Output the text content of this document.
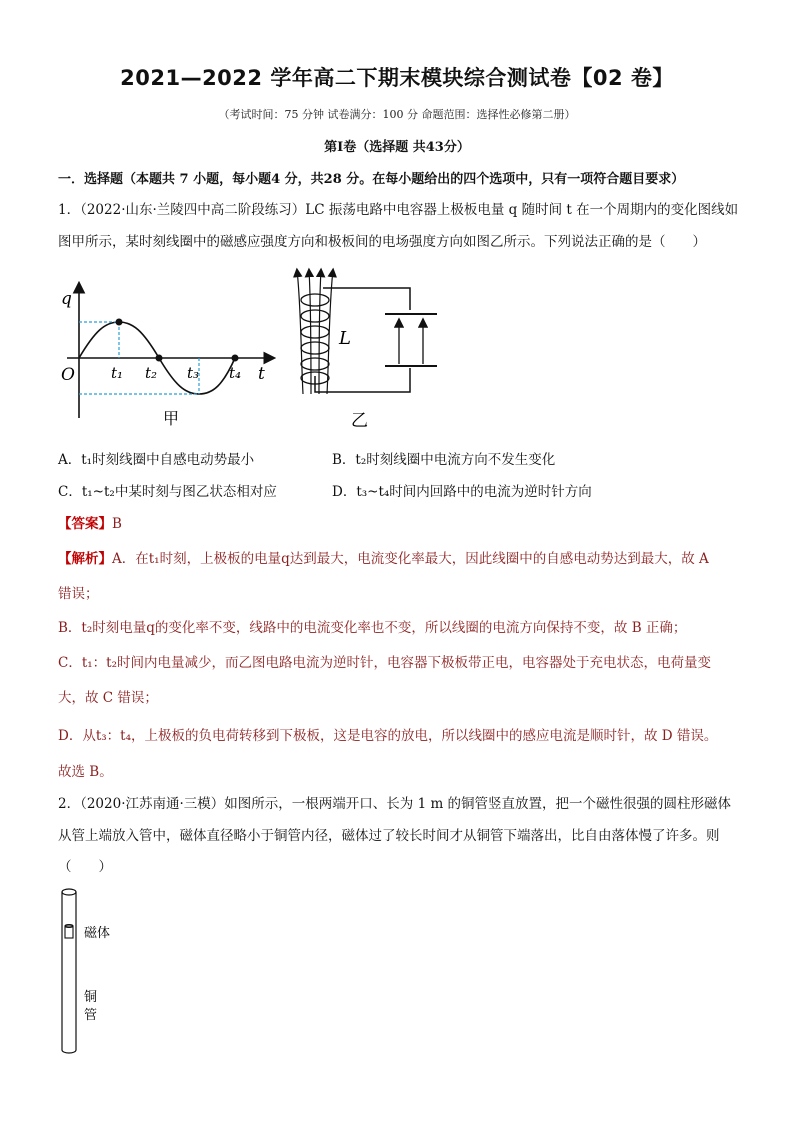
2021—2022 学年高二下期末模块综合测试卷【02 卷】
（考试时间：75 分钟 试卷满分：100 分 命题范围：选择性必修第二册）
第Ⅰ卷（选择题 共43分）
一．选择题（本题共 7 小题，每小题4 分，共28 分。在每小题给出的四个选项中，只有一项符合题目要求）
1．（2022·山东·兰陵四中高二阶段练习）LC 振荡电路中电容器上极板电量 q 随时间 t 在一个周期内的变化图线如
图甲所示，某时刻线圈中的磁感应强度方向和极板间的电场强度方向如图乙所示。下列说法正确的是（　　）
q
t
O t₁ t₂ t₃ t₄
甲
L
乙
A．t₁时刻线圈中自感电动势最小	B．t₂时刻线圈中电流方向不发生变化
C．t₁~t₂中某时刻与图乙状态相对应	D．t₃~t₄时间内回路中的电流为逆时针方向
【答案】B
【解析】A．在t₁时刻，上极板的电量q达到最大，电流变化率最大，因此线圈中的自感电动势达到最大，故 A
错误；
B．t₂时刻电量q的变化率不变，线路中的电流变化率也不变，所以线圈的电流方向保持不变，故 B 正确；
C．t₁：t₂时间内电量减少，而乙图电路电流为逆时针，电容器下极板带正电，电容器处于充电状态，电荷量变
大，故 C 错误；
D．从t₃：t₄，上极板的负电荷转移到下极板，这是电容的放电，所以线圈中的感应电流是顺时针，故 D 错误。
故选 B。
2．（2020·江苏南通·三模）如图所示，一根两端开口、长为 1 m 的铜管竖直放置，把一个磁性很强的圆柱形磁体
从管上端放入管中，磁体直径略小于铜管内径，磁体过了较长时间才从铜管下端落出，比自由落体慢了许多。则
（　　）
磁体
铜
管
